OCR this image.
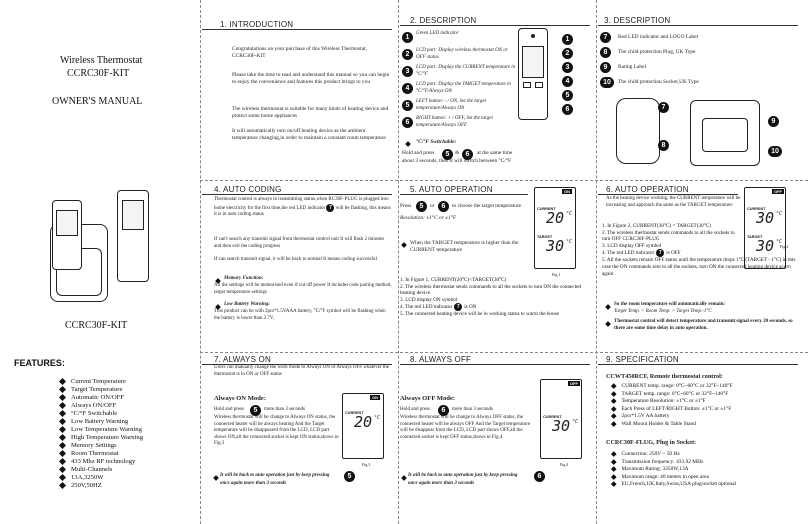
Wireless Thermostat
CCRC30F-KIT
OWNER'S MANUAL
CCRC30F-KIT
FEATURES:
Current Temperature
Target Temperature
Automatic ON/OFF
Always ON/OFF
°C/°F Switchable
Low Battery Warning
Low Temperature Warning
High Temperature Warning
Memory Settings
Room Thermostat
433 Mhz RF technology
Multi-Channels
13A,3250W
250V,50HZ
1. INTRODUCTION
Congratulations on your purchase of this Wireless Thermostat, CCRC30F-KIT
Please take the time to read and understand this manual so you can begin to enjoy the convenience and features this product brings to you
The wireless thermostat is suitable for many kinds of heating device and protect some home appliances
It will automatically turn on/off heating device as the ambient temperature changing,in order to maintain a constant room temperature
2. DESCRIPTION
1
Green LED indicator
2
LCD part: Display wireless thermostat ON or OFF status
3
LCD part: Display the CURRENT temperature in °C/°F
4
LCD part: Display the TARGET temperature in °C/°F/Always ON
5
LEFT button: - / ON, Set the target temperature/Always ON
6
RIGHT button: + / OFF, Set the target temperature/Always OFF
°C/°F Switchable:
Hold and press	5	& 6	at the same time
about 3 seconds, then it will switch between °C/°F
1
2
3
4
5
6
3. DESCRIPTION
7	Red LED indicator and LOGO Label
8	The child protection Plug, UK Type
9	Rating Label
10	The child protection Socket,UK Type
7
8
9
10
4. AUTO CODING
Thermostat control is always in transmitting status,when RC30F-PLUG is plugged into home electricity for the first time,the red LED indicator 7 will be flashing, this means it is in auto coding status
If can't search any transmit signal from thermostat control unit It will flash 2 minutes and then exit the coding progress
If can search transmit signal, it will be back to normal It means coding successful
Memory Function:
All the settings will be memorised even if cut off power It includes code pairing method, target temperature settings
Low Battery Warning:
This product can be with 2pcs*1.5VAAA battery, °C/°F symbol will be flashing when the battery is lower than 2.7V,
5. AUTO OPERATION
Press	5	or	6	to choose the target temperature
Resolution: ±1°C or ±1°F
When the TARGET temperature is higher than the CURRENT temperature
ON
CURRENT
20 °C
TARGET
30 °C
Fig.1
1. In Figure 1, CURRENT(20°C)<TARGET(30°C)
2. The wireless thermostat sends commands to all the sockets to turn ON the connected heating device
3. LCD display ON symbol
4. The red LED indicator 7 is ON
5. The connected heating device will be in working status to warm the house
6. AUTO OPERATION
As the heating device working, the CURRENT temperature will be increasing and approach the same as the TARGET temperature:
OFF
CURRENT
30 °C
TARGET
30 °C
Fig.2
1. In Figure 2, CURRENT(30°C) = TARGET(30°C)
2. The wireless thermostat sends commands to all the sockets to turn OFF CCRC30F-PLUG
3. LCD display OFF symbol
4. The red LED indicator 7 is OFF
5. All the sockets remain OFF status until the temperature drops 1°C (TARGET - 1°C) in this case the ON commands sent to all the sockets, turn ON the connected heating device acorn again
So the room temperature will automatically remain:
Target Temp. > Room Temp. > Target Temp.-1°C
Thermostat control will detect temperature and transmit signal every 20 seconds, so there are some time delay in auto operation.
7. ALWAYS ON
Users can manually change the work mode to Always ON or Always OFF whatever the thermostat is in ON or OFF status
Always ON Mode:
Hold and press	5	more than 3 seconds
Wireless thermostat will be change to Always ON status, the connected heater will be always heating And the Target temperature will be disappeared from the LCD, LCD part shows ON,all the connected socket is kept ON status,shows in Fig.3
ON
CURRENT
20 °C
Fig.3
It will be back to auto operation just by keep pressing	5
once again more than 3 seconds
8. ALWAYS OFF
Always OFF Mode:
Hold and press	6	more than 3 seconds
Wireless thermostat will be change to Always OFF status, the connected heater will be always OFF And the Target temperature will be disappear from the LCD, LCD part shows OFF,all the connected socket is kept OFF status,shows in Fig.4
OFF
CURRENT
30 °C
Fig.4
It will be back to auto operation just by keep pressing	6
once again more than 3 seconds
9. SPECIFICATION
CCWT450RCF, Remote thermostat control:
CURRENT temp. range: 0°C~60°C or 32°F~140°F
TARGET temp. range: 0°C~60°C or 32°F~140°F
Temperature Resolution: ±1°C or ±1°F
Each Press of LEFT/RIGHT Button: ±1°C or ±1°F
2pcs*1.5V AA battery
Wall Mount Holder & Table Stand
CCRC30F-FLUG, Plug in Socket:
Connection: 250V ~ 50 Hz
Transmission frequency: 433.92 MHz
Maximum Rating: 3250W,13A
Maximum range: 40 meters in open area
EU,French,UK,Italy,Swiss,USA plug/socket optional
